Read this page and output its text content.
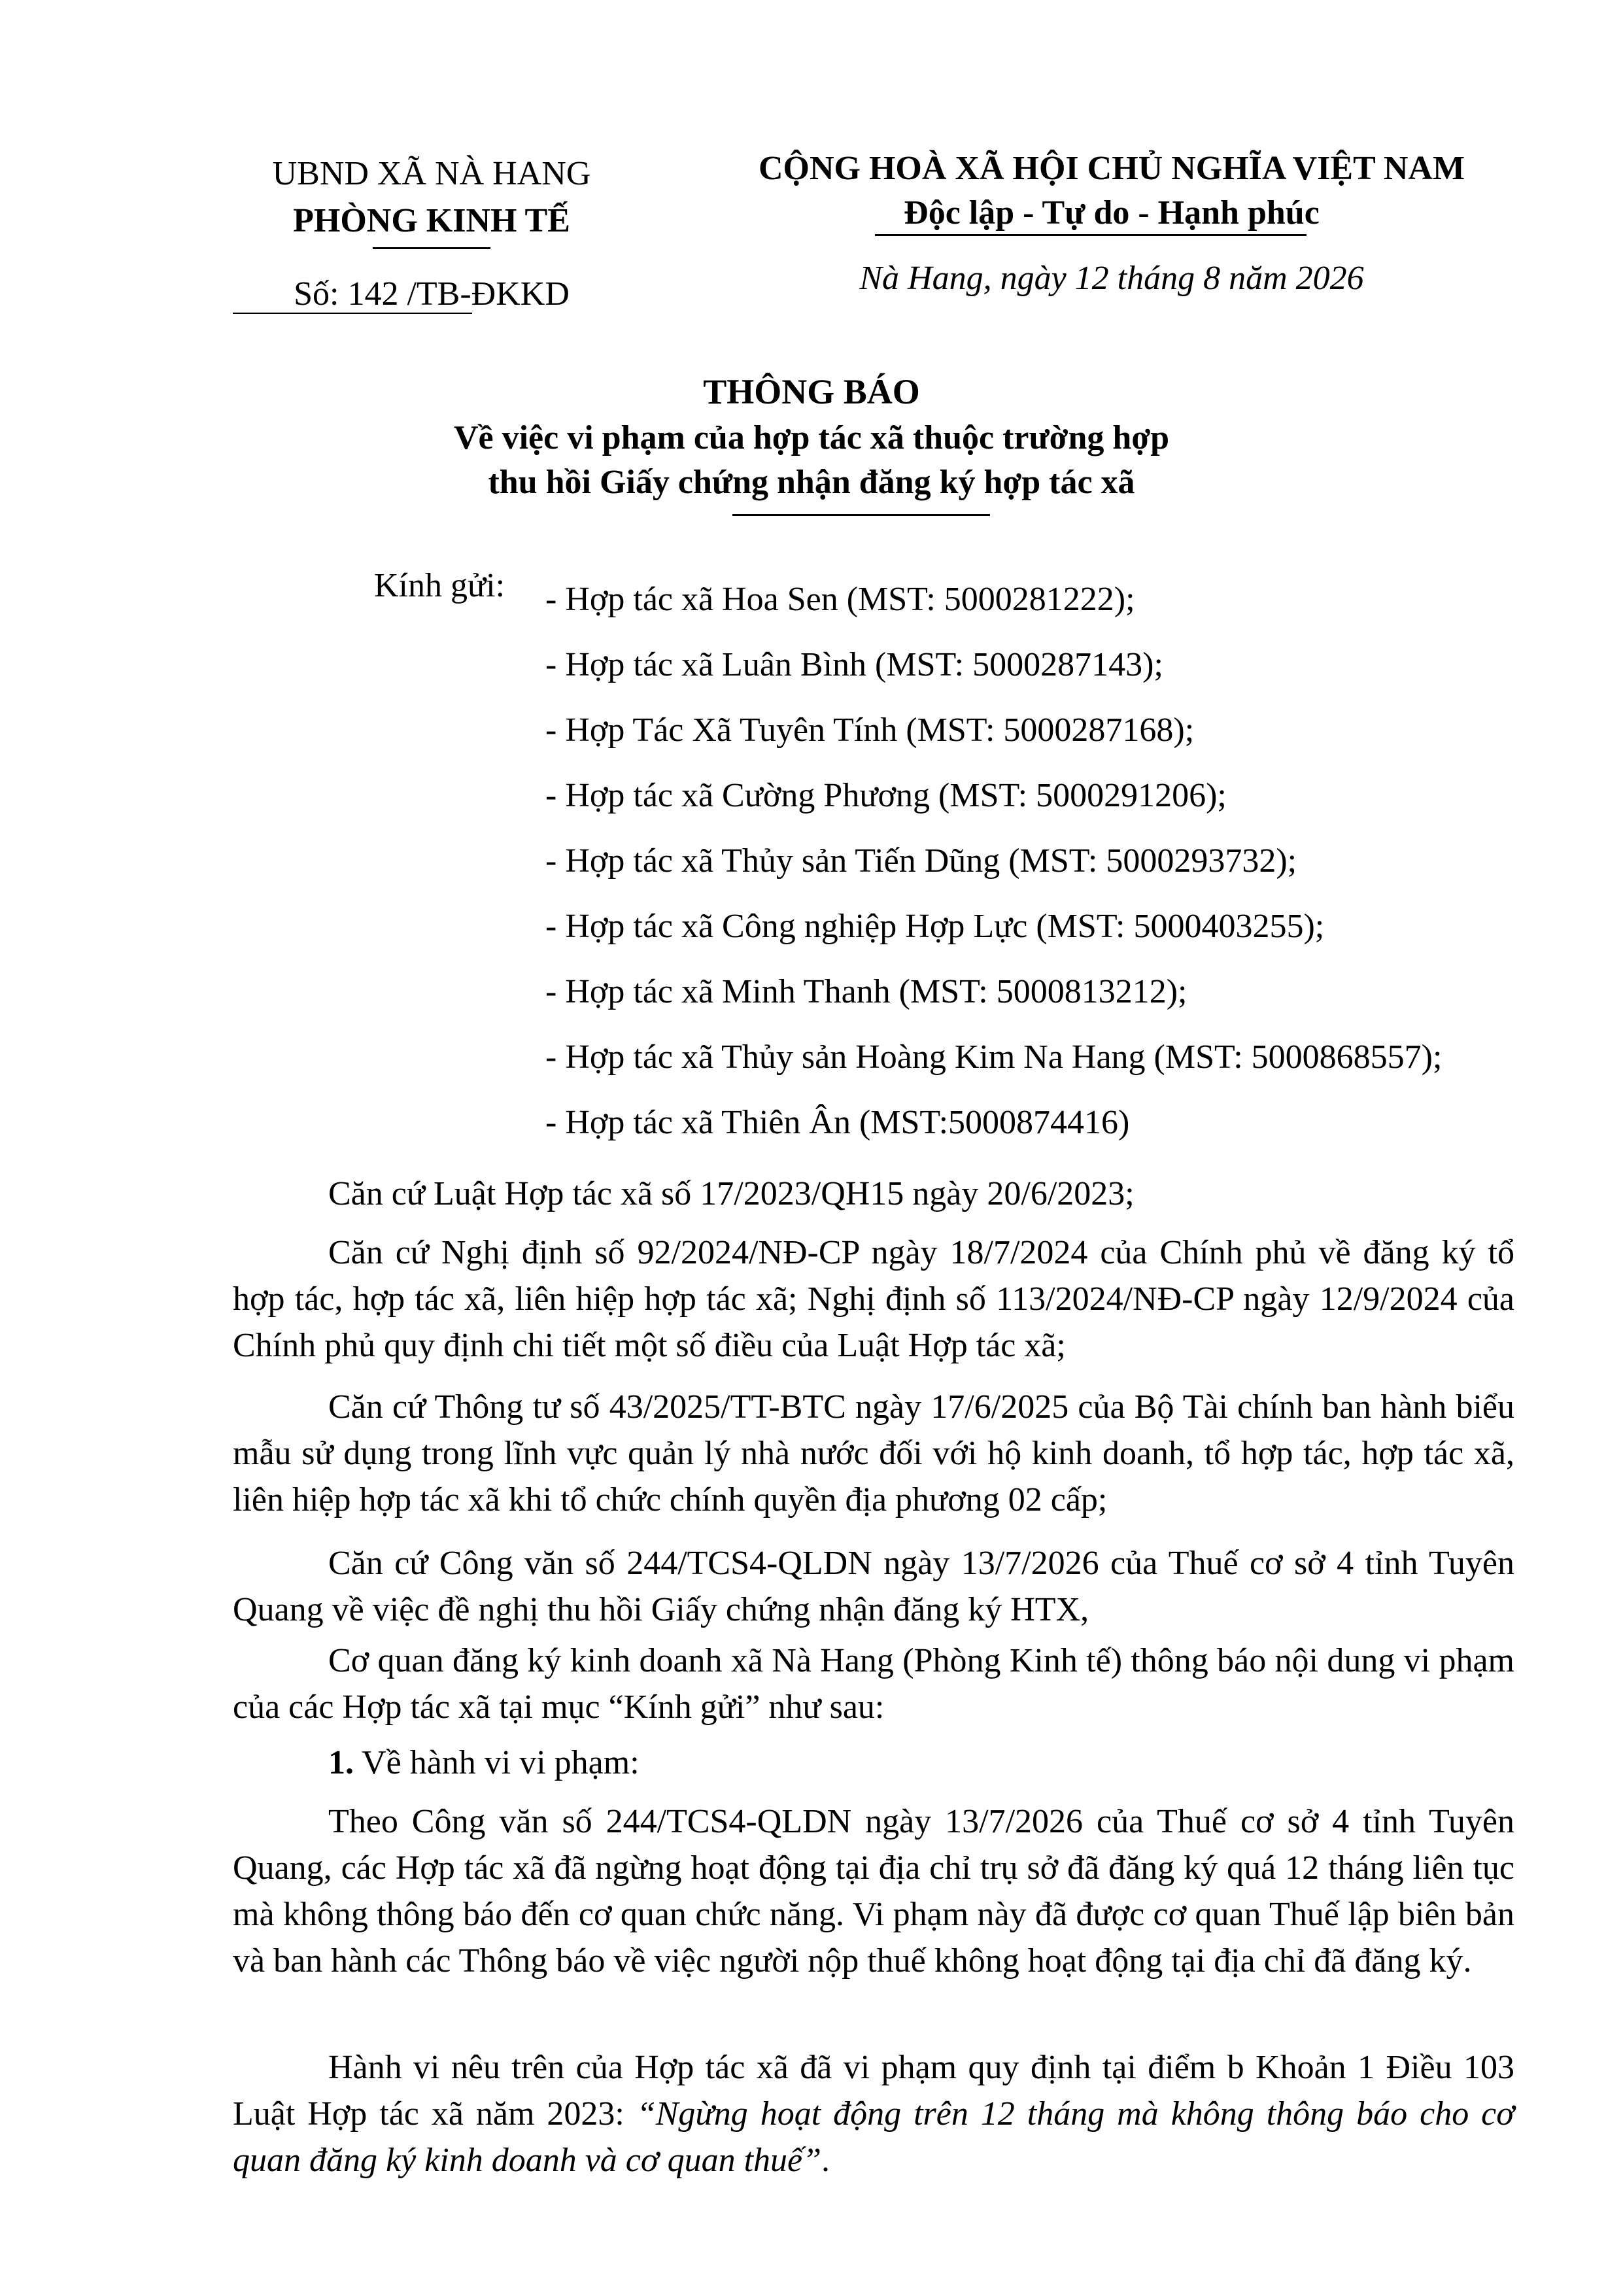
UBND XÃ NÀ HANG
PHÒNG KINH TẾ
Số: 142 /TB-ĐKKD
CỘNG HOÀ XÃ HỘI CHỦ NGHĨA VIỆT NAM
Độc lập - Tự do - Hạnh phúc
Nà Hang, ngày 12 tháng 8 năm 2026
THÔNG BÁO
Về việc vi phạm của hợp tác xã thuộc trường hợp
thu hồi Giấy chứng nhận đăng ký hợp tác xã
Kính gửi: - Hợp tác xã Hoa Sen (MST: 5000281222);
- Hợp tác xã Luân Bình (MST: 5000287143);
- Hợp Tác Xã Tuyên Tính (MST: 5000287168);
- Hợp tác xã Cường Phương (MST: 5000291206);
- Hợp tác xã Thủy sản Tiến Dũng (MST: 5000293732);
- Hợp tác xã Công nghiệp Hợp Lực (MST: 5000403255);
- Hợp tác xã Minh Thanh (MST: 5000813212);
- Hợp tác xã Thủy sản Hoàng Kim Na Hang (MST: 5000868557);
- Hợp tác xã Thiên Ân (MST:5000874416)

Căn cứ Luật Hợp tác xã số 17/2023/QH15 ngày 20/6/2023;

Căn cứ Nghị định số 92/2024/NĐ-CP ngày 18/7/2024 của Chính phủ về đăng ký tổ hợp tác, hợp tác xã, liên hiệp hợp tác xã; Nghị định số 113/2024/NĐ-CP ngày 12/9/2024 của Chính phủ quy định chi tiết một số điều của Luật Hợp tác xã;

Căn cứ Thông tư số 43/2025/TT-BTC ngày 17/6/2025 của Bộ Tài chính ban hành biểu mẫu sử dụng trong lĩnh vực quản lý nhà nước đối với hộ kinh doanh, tổ hợp tác, hợp tác xã, liên hiệp hợp tác xã khi tổ chức chính quyền địa phương 02 cấp;

Căn cứ Công văn số 244/TCS4-QLDN ngày 13/7/2026 của Thuế cơ sở 4 tỉnh Tuyên Quang về việc đề nghị thu hồi Giấy chứng nhận đăng ký HTX,

Cơ quan đăng ký kinh doanh xã Nà Hang (Phòng Kinh tế) thông báo nội dung vi phạm của các Hợp tác xã tại mục “Kính gửi” như sau:

1. Về hành vi vi phạm:

Theo Công văn số 244/TCS4-QLDN ngày 13/7/2026 của Thuế cơ sở 4 tỉnh Tuyên Quang, các Hợp tác xã đã ngừng hoạt động tại địa chỉ trụ sở đã đăng ký quá 12 tháng liên tục mà không thông báo đến cơ quan chức năng. Vi phạm này đã được cơ quan Thuế lập biên bản và ban hành các Thông báo về việc người nộp thuế không hoạt động tại địa chỉ đã đăng ký.

Hành vi nêu trên của Hợp tác xã đã vi phạm quy định tại điểm b Khoản 1 Điều 103 Luật Hợp tác xã năm 2023: “Ngừng hoạt động trên 12 tháng mà không thông báo cho cơ quan đăng ký kinh doanh và cơ quan thuế”.
